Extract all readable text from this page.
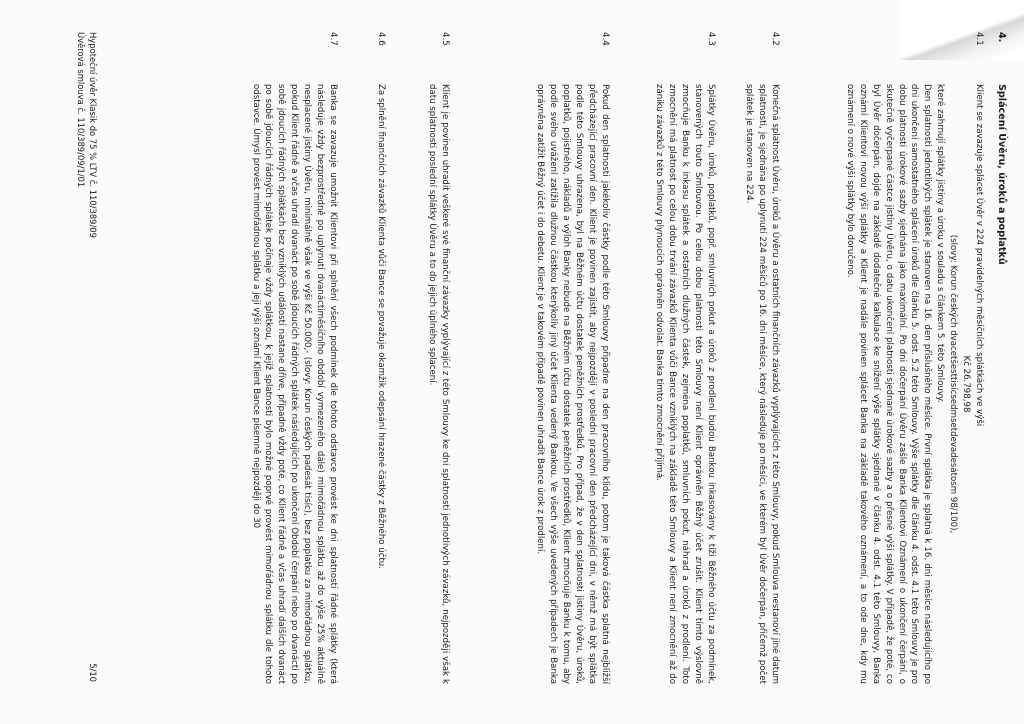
4.Splácení Úvěru, úroků a poplatků
4.1
Klient se zavazuje splácet Úvěr v 224 pravidelných měsíčních splátkách ve výši
Kč 26.798,98
(slovy: Korun českých dvacetšesttisícsedmsetdevadesátosm 98/100),
které zahrnují splátky jistiny a úroku v souladu s článkem 5. této Smlouvy.
Den splatnosti jednotlivých splátek je stanoven na 16. den příslušného měsíce. První splátka je splatná k 16. dni měsíce následujícího po dni ukončení samostatného splácení úroků dle článku 5. odst. 5.2 této Smlouvy. Výše splátky dle článku 4. odst. 4.1 této Smlouvy je pro dobu platnosti úrokové sazby sjednána jako maximální. Po dni dočerpání Úvěru zašle Banka Klientovi Oznámení o ukončení čerpání, o skutečně vyčerpané částce jistiny Úvěru, o datu ukončení platnosti sjednané úrokové sazby a o přesné výši splátky. V případě, že poté, co byl Úvěr dočerpán, dojde na základě dodatečné kalkulace ke snížení výše splátky sjednané v článku 4. odst. 4.1 této Smlouvy, Banka oznámí Klientovi novou výši splátky a Klient je nadále povinen splácet Banka na základě takového oznámení, a to ode dne, kdy mu oznámení o nové výši splátky bylo doručeno.
4.2
Konečná splatnost Úvěru, úroků a Úvěru a ostatních finančních závazků vyplývajících z této Smlouvy, pokud Smlouva nestanoví jiné datum splatnosti, je sjednána po uplynutí 224 měsíců po 16. dni měsíce, který následuje po měsíci, ve kterém byl Úvěr dočerpán, přičemž počet splátek je stanoven na 224.
4.3
Splátky Úvěru, úroků, poplatků, popř. smluvních pokut a úroků z prodlení budou Bankou inkasovány k tíži Běžného účtu za podmínek, stanovených touto Smlouvou. Po celou dobu platnosti této Smlouvy není Klient oprávněn Běžný účet zrušit. Klient tímto výslovně zmocňuje Banku k inkasu splátek a ostatních dlužných částek, zejména poplatků, smluvních pokut, náhrad a úroků z prodlení. Toto zmocnění má platnost po celou dobu trvání závazků Klienta vůči Bance vzniklých na základě této Smlouvy a Klient není zmocnění až do zániku závazků z této Smlouvy plynoucích oprávněn odvolat. Banka tímto zmocnění přijímá.
4.4
Pokud den splatnosti jakékoliv částky podle této Smlouvy připadne na den pracovního klidu, potom je taková částka splatná nejbližší předcházející pracovní den. Klient je povinen zajistit, aby nejpozději v poslední pracovní den předcházející dni, v němž má být splátka podle této Smlouvy uhrazena, byl na Běžném účtu dostatek peněžních prostředků. Pro případ, že v den splatnosti jistiny Úvěru, úroků, poplatků, pojistného, nákladů a výloh Banky nebude na Běžném účtu dostatek peněžních prostředků, Klient zmocňuje Banku k tomu, aby podle svého uvážení zatížila dlužnou částkou kterýkoliv jiný účet Klienta vedený Bankou. Ve všech výše uvedených případech je Banka oprávněna zatížit Běžný účet i do debetu. Klient je v takovém případě povinen uhradit Bance úrok z prodlení.
4.5
Klient je povinen uhradit veškeré své finanční závazky vyplývající z této Smlouvy ke dni splatnosti jednotlivých závazků, nejpozději však k datu splatnosti poslední splátky Úvěru a to do jejich úplného splacení.
4.6
Za splnění finančních závazků Klienta vůči Bance se považuje okamžik odepsání hrazené částky z Běžného účtu.
4.7
Banka se zavazuje umožnit Klientovi při splnění všech podmínek dle tohoto odstavce provést ke dni splatnosti řádné splátky (která následuje vždy bezprostředně po uplynutí dvanáctiměsíčního období vymezeného dále) mimořádnou splátku až do výše 25% aktuálně nesplacené jistiny Úvěru, minimálně však ve výši Kč 50.000,- (slovy: Korun českých padesát tisíc), bez poplatku za mimořádnou splátku, pokud Klient řádně a včas uhradí dvanáct po sobě jdoucích řádných splátek následujících po ukončení Období čerpání nebo po dvanácti po sobě jdoucích řádných splátkách bez vzniklých událostí nastane dříve, případně vždy poté, co Klient řádně a včas uhradí dalších dvanáct po sobě jdoucích řádných splátek počínaje vždy splátkou, k jejíž splatnosti bylo možné poprvé provést mimořádnou splátku dle tohoto odstavce. Úmysl provést mimořádnou splátku a její výši oznámí Klient Bance písemně nejpozději do 30
Hypoteční úvěr Klasik do 75 % LTV č. 110/389/09
Úvěrová smlouva č. 110/389/09/1/01
5/10
